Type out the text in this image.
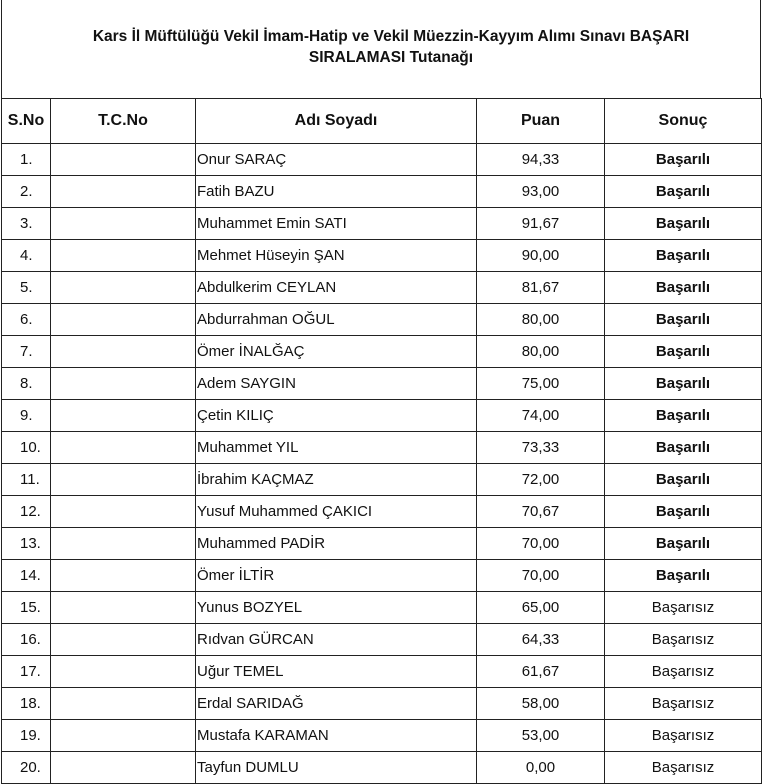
Kars İl Müftülüğü Vekil İmam-Hatip ve Vekil Müezzin-Kayyım Alımı Sınavı BAŞARI
SIRALAMASI Tutanağı
S.No	T.C.No	Adı Soyadı	Puan	Sonuç
1.		Onur SARAÇ	94,33	Başarılı
2.		Fatih BAZU	93,00	Başarılı
3.		Muhammet Emin SATI	91,67	Başarılı
4.		Mehmet Hüseyin ŞAN	90,00	Başarılı
5.		Abdulkerim CEYLAN	81,67	Başarılı
6.		Abdurrahman OĞUL	80,00	Başarılı
7.		Ömer İNALĞAÇ	80,00	Başarılı
8.		Adem SAYGIN	75,00	Başarılı
9.		Çetin KILIÇ	74,00	Başarılı
10.		Muhammet YIL	73,33	Başarılı
11.		İbrahim KAÇMAZ	72,00	Başarılı
12.		Yusuf Muhammed ÇAKICI	70,67	Başarılı
13.		Muhammed PADİR	70,00	Başarılı
14.		Ömer İLTİR	70,00	Başarılı
15.		Yunus BOZYEL	65,00	Başarısız
16.		Rıdvan GÜRCAN	64,33	Başarısız
17.		Uğur TEMEL	61,67	Başarısız
18.		Erdal SARIDAĞ	58,00	Başarısız
19.		Mustafa KARAMAN	53,00	Başarısız
20.		Tayfun DUMLU	0,00	Başarısız
